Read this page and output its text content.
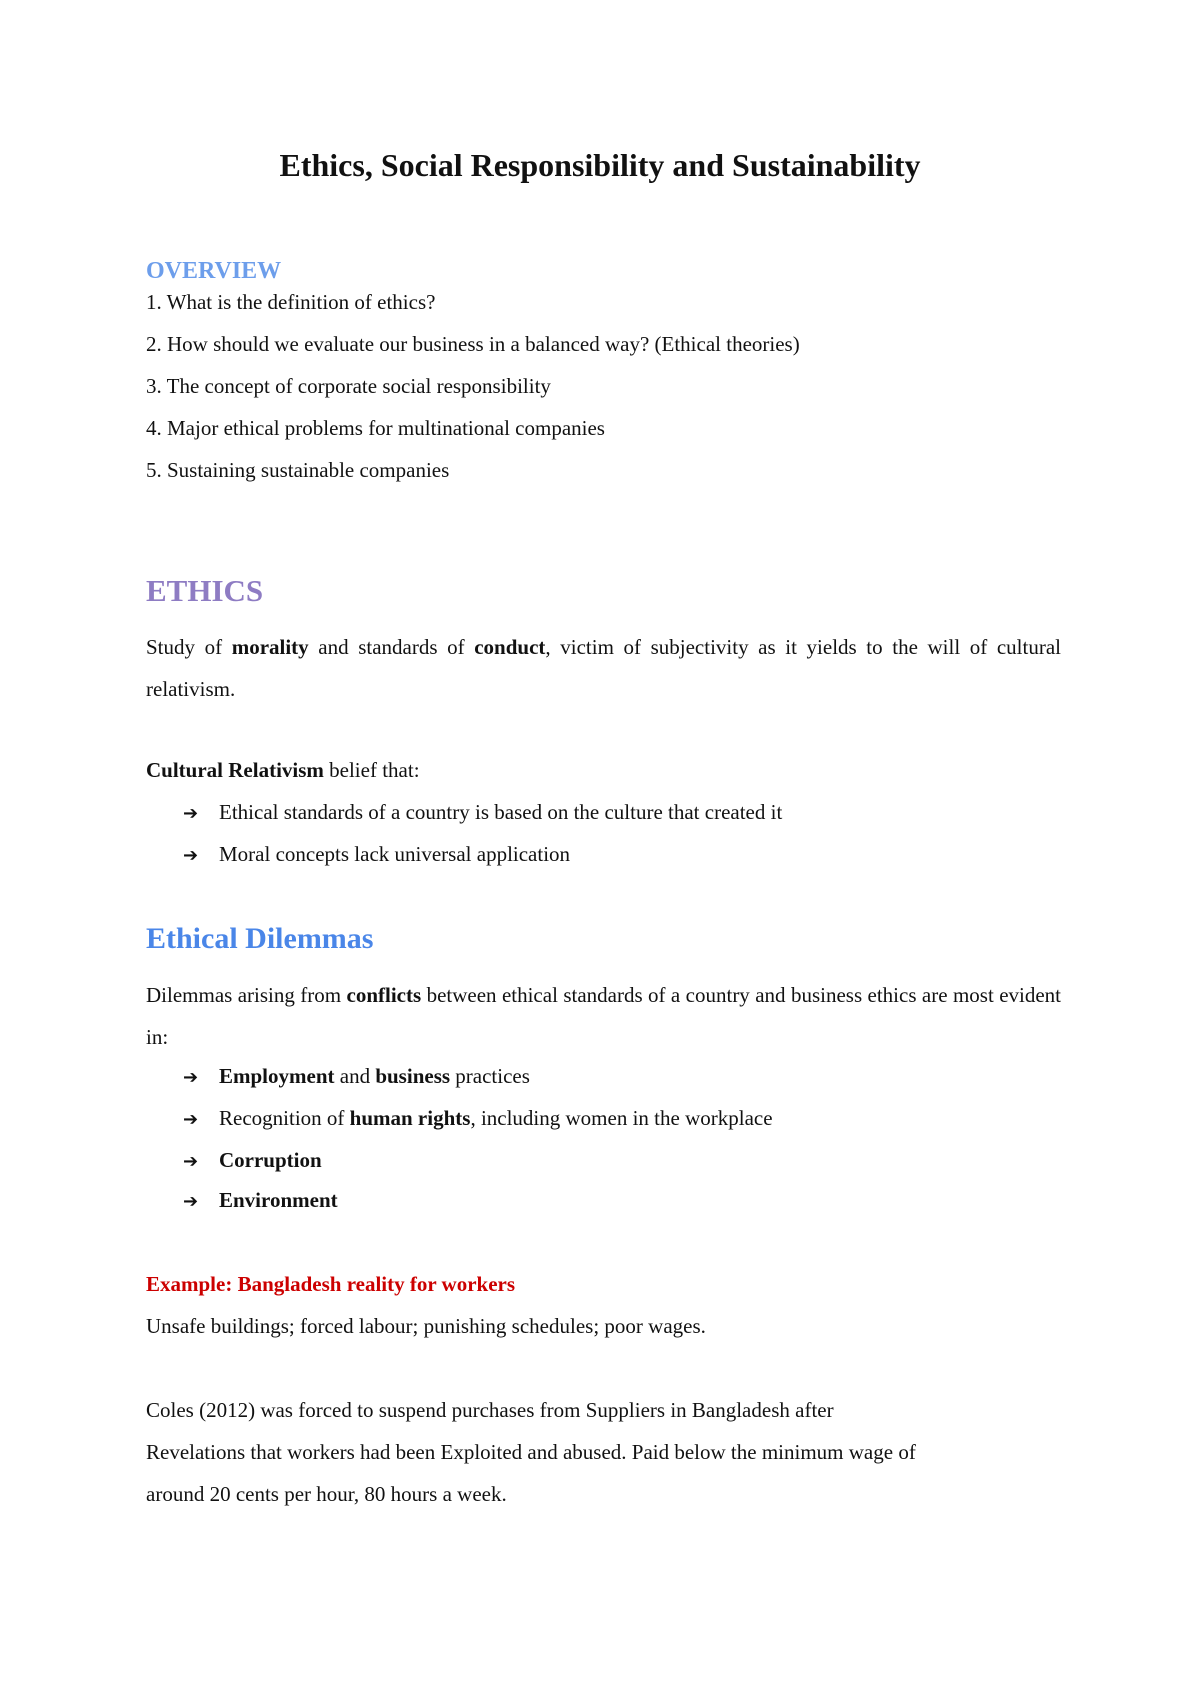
Ethics, Social Responsibility and Sustainability
OVERVIEW
1. What is the definition of ethics?
2. How should we evaluate our business in a balanced way? (Ethical theories)
3. The concept of corporate social responsibility
4. Major ethical problems for multinational companies
5. Sustaining sustainable companies
ETHICS
Study of morality and standards of conduct, victim of subjectivity as it yields to the will of cultural relativism.
Cultural Relativism belief that:
➔ Ethical standards of a country is based on the culture that created it
➔ Moral concepts lack universal application
Ethical Dilemmas
Dilemmas arising from conflicts between ethical standards of a country and business ethics are most evident in:
➔ Employment and business practices
➔ Recognition of human rights, including women in the workplace
➔ Corruption
➔ Environment
Example: Bangladesh reality for workers
Unsafe buildings; forced labour; punishing schedules; poor wages.
Coles (2012) was forced to suspend purchases from Suppliers in Bangladesh after
Revelations that workers had been Exploited and abused. Paid below the minimum wage of
around 20 cents per hour, 80 hours a week.
